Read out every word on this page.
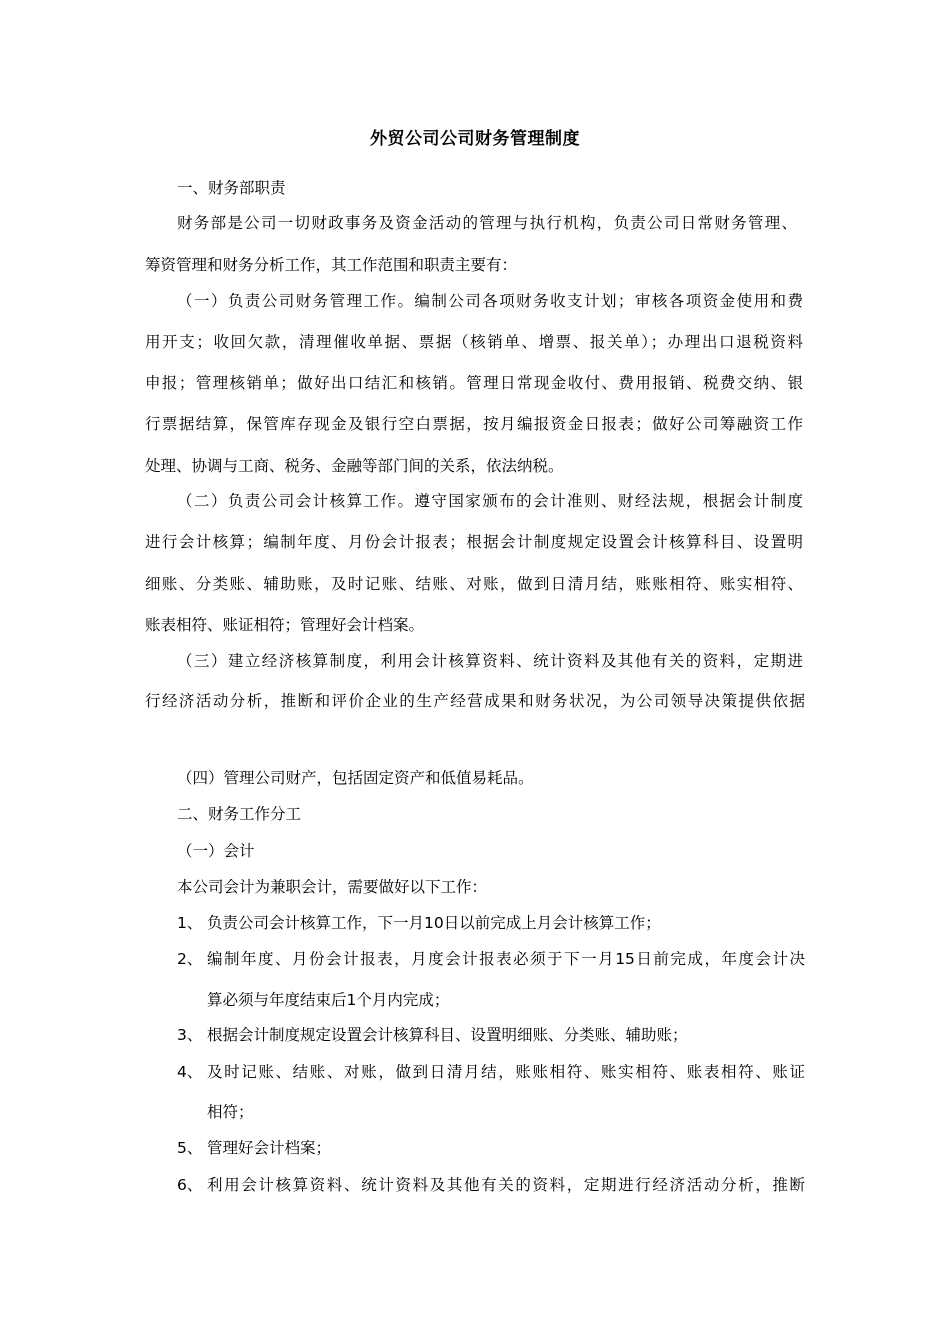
外贸公司公司财务管理制度
一、财务部职责
财务部是公司一切财政事务及资金活动的管理与执行机构，负责公司日常财务管理、
筹资管理和财务分析工作，其工作范围和职责主要有：
（一）负责公司财务管理工作。编制公司各项财务收支计划；审核各项资金使用和费
用开支；收回欠款，清理催收单据、票据（核销单、增票、报关单）；办理出口退税资料
申报；管理核销单；做好出口结汇和核销。管理日常现金收付、费用报销、税费交纳、银
行票据结算，保管库存现金及银行空白票据，按月编报资金日报表；做好公司筹融资工作
处理、协调与工商、税务、金融等部门间的关系，依法纳税。
（二）负责公司会计核算工作。遵守国家颁布的会计准则、财经法规，根据会计制度
进行会计核算；编制年度、月份会计报表；根据会计制度规定设置会计核算科目、设置明
细账、分类账、辅助账，及时记账、结账、对账，做到日清月结，账账相符、账实相符、
账表相符、账证相符；管理好会计档案。
（三）建立经济核算制度，利用会计核算资料、统计资料及其他有关的资料，定期进
行经济活动分析，推断和评价企业的生产经营成果和财务状况，为公司领导决策提供依据
（四）管理公司财产，包括固定资产和低值易耗品。
二、财务工作分工
（一）会计
本公司会计为兼职会计，需要做好以下工作：
1、 负责公司会计核算工作，下一月10日以前完成上月会计核算工作；
2、 编制年度、月份会计报表，月度会计报表必须于下一月15日前完成，年度会计决
算必须与年度结束后1个月内完成；
3、 根据会计制度规定设置会计核算科目、设置明细账、分类账、辅助账；
4、 及时记账、结账、对账，做到日清月结，账账相符、账实相符、账表相符、账证
相符；
5、 管理好会计档案；
6、 利用会计核算资料、统计资料及其他有关的资料，定期进行经济活动分析，推断
